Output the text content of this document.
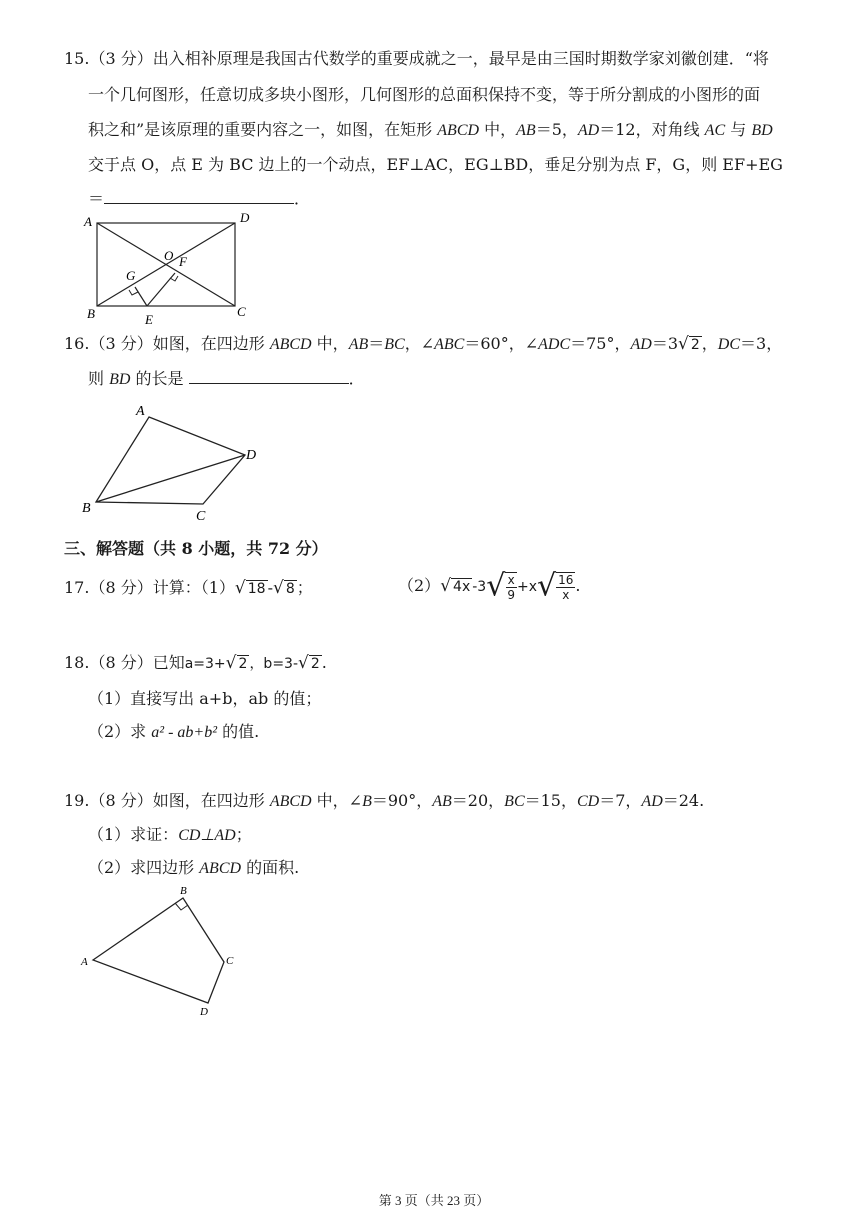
15.（3 分）出入相补原理是我国古代数学的重要成就之一，最早是由三国时期数学家刘徽创建．“将
一个几何图形，任意切成多块小图形，几何图形的总面积保持不变，等于所分割成的小图形的面
积之和”是该原理的重要内容之一，如图，在矩形 ABCD 中，AB＝5，AD＝12，对角线 AC 与 BD
交于点 O，点 E 为 BC 边上的一个动点，EF⊥AC，EG⊥BD，垂足分别为点 F，G，则 EF+EG
＝	．
A	D
O F
G
B	E
C
16.（3 分）如图，在四边形 ABCD 中，AB＝BC，∠ABC＝60°，∠ADC＝75°，AD＝3√ 2 ，DC＝3，
则 BD 的长是	．
A
D
B
C
三、解答题（共 8 小题，共 72 分）
17.（8 分）计算：（1）√ 18 -√ 8 ；	（2）√ 4x $-3√ \frac{x}{9} +x√ \frac{16}{x}$ .
18.（8 分）已知a=3+√ 2 ，b=3-√ 2 .
（1）直接写出 a+b，ab 的值；
（2）求 a² - ab+b² 的值.
19.（8 分）如图，在四边形 ABCD 中，∠B＝90°，AB＝20，BC＝15，CD＝7，AD＝24.
（1）求证：CD⊥AD；
（2）求四边形 ABCD 的面积.
B
A	C
D
第 3 页（共 23 页）
